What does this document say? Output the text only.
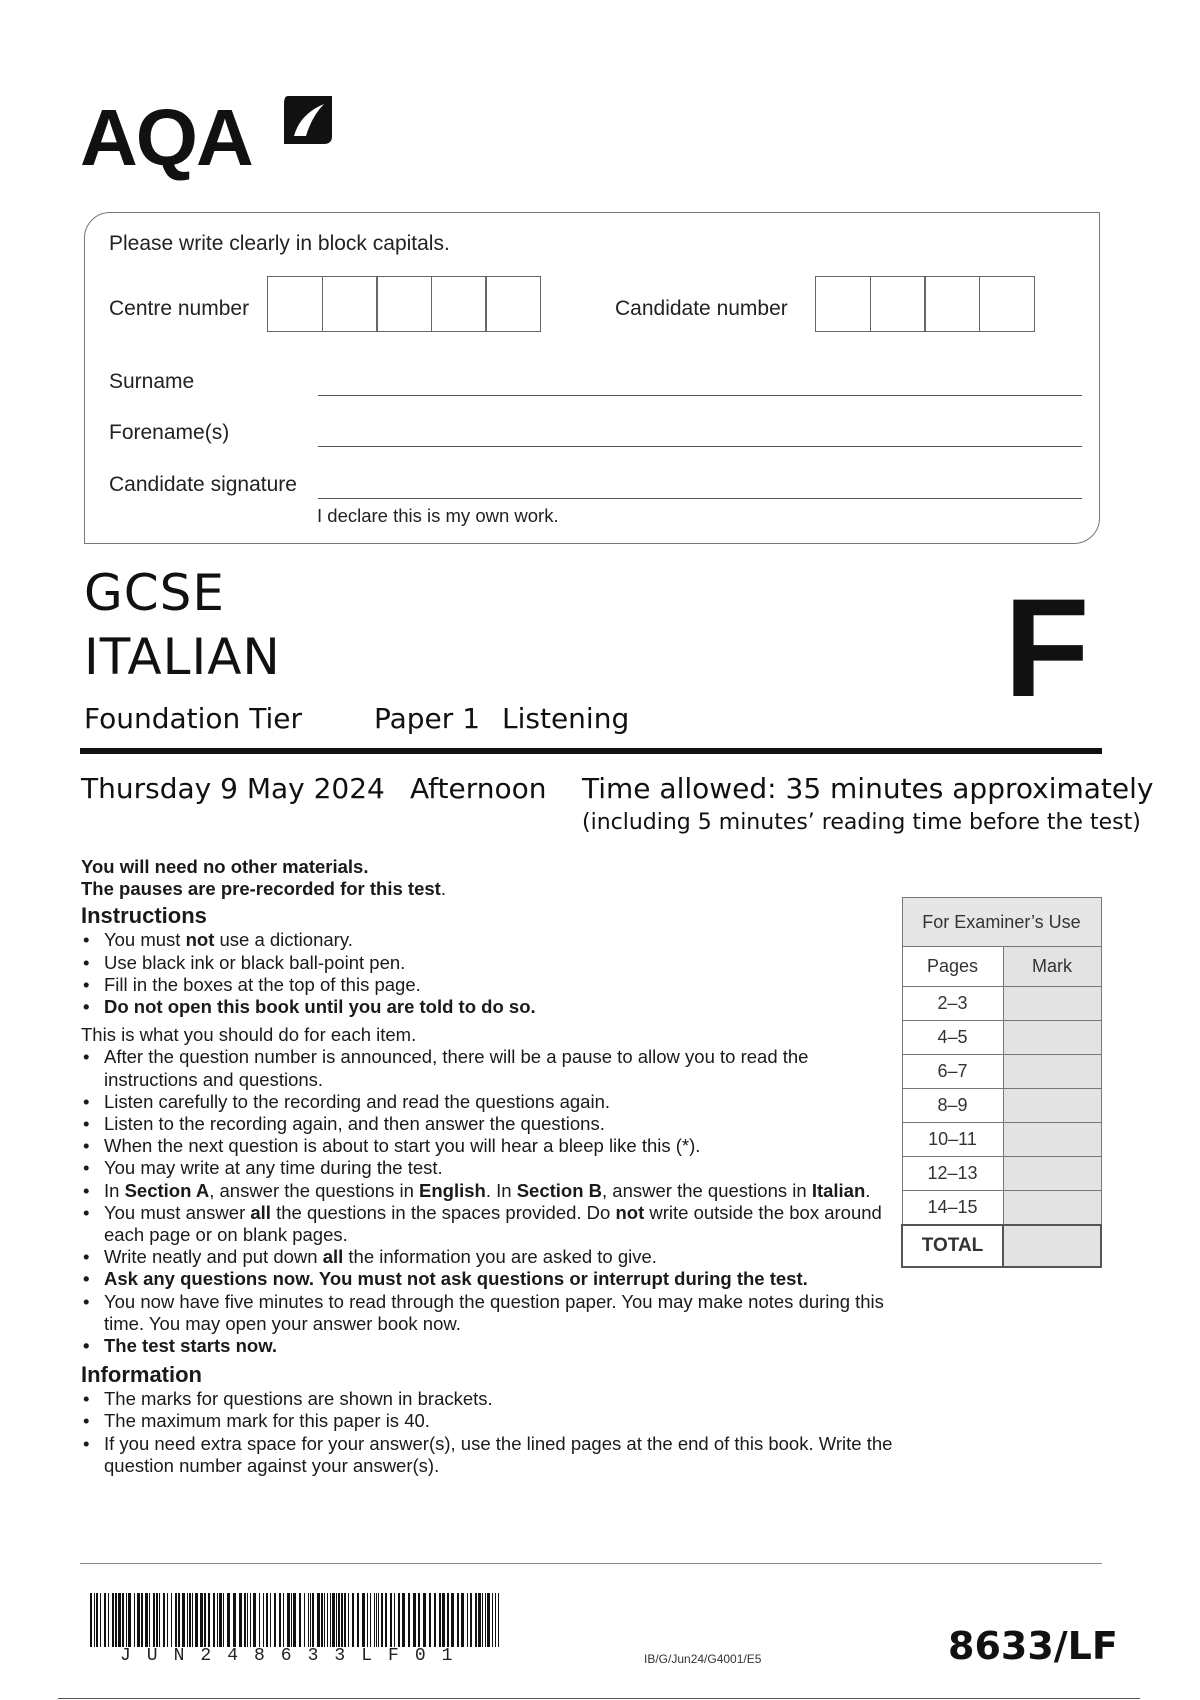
AQA
Please write clearly in block capitals.
Centre number	Candidate number
Surname
Forename(s)
Candidate signature
I declare this is my own work.
GCSE
ITALIAN	F
Foundation Tier	Paper 1 Listening
Thursday 9 May 2024 Afternoon Time allowed: 35 minutes approximately
(including 5 minutes’ reading time before the test)

You will need no other materials.

The pauses are pre-recorded for this test.

Instructions

• You must not use a dictionary.
• Use black ink or black ball-point pen.
• Fill in the boxes at the top of this page.
• Do not open this book until you are told to do so.

This is what you should do for each item.

• After the question number is announced, there will be a pause to allow you to read the instructions and questions.
• Listen carefully to the recording and read the questions again.
• Listen to the recording again, and then answer the questions.
• When the next question is about to start you will hear a bleep like this (*).
• You may write at any time during the test.
• In Section A, answer the questions in English. In Section B, answer the questions in Italian.
• You must answer all the questions in the spaces provided. Do not write outside the box around each page or on blank pages.
• Write neatly and put down all the information you are asked to give.
• Ask any questions now. You must not ask questions or interrupt during the test.
• You now have five minutes to read through the question paper. You may make notes during this time. You may open your answer book now.
• The test starts now.

Information

• The marks for questions are shown in brackets.
• The maximum mark for this paper is 40.
• If you need extra space for your answer(s), use the lined pages at the end of this book. Write the question number against your answer(s).
For Examiner’s Use	
Pages	Mark
2–3	
4–5	
6–7	
8–9	
10–11	
12–13	
14–15	
TOTAL	
JUN248633LF01	IB/G/Jun24/G4001/E5	8633/LF
